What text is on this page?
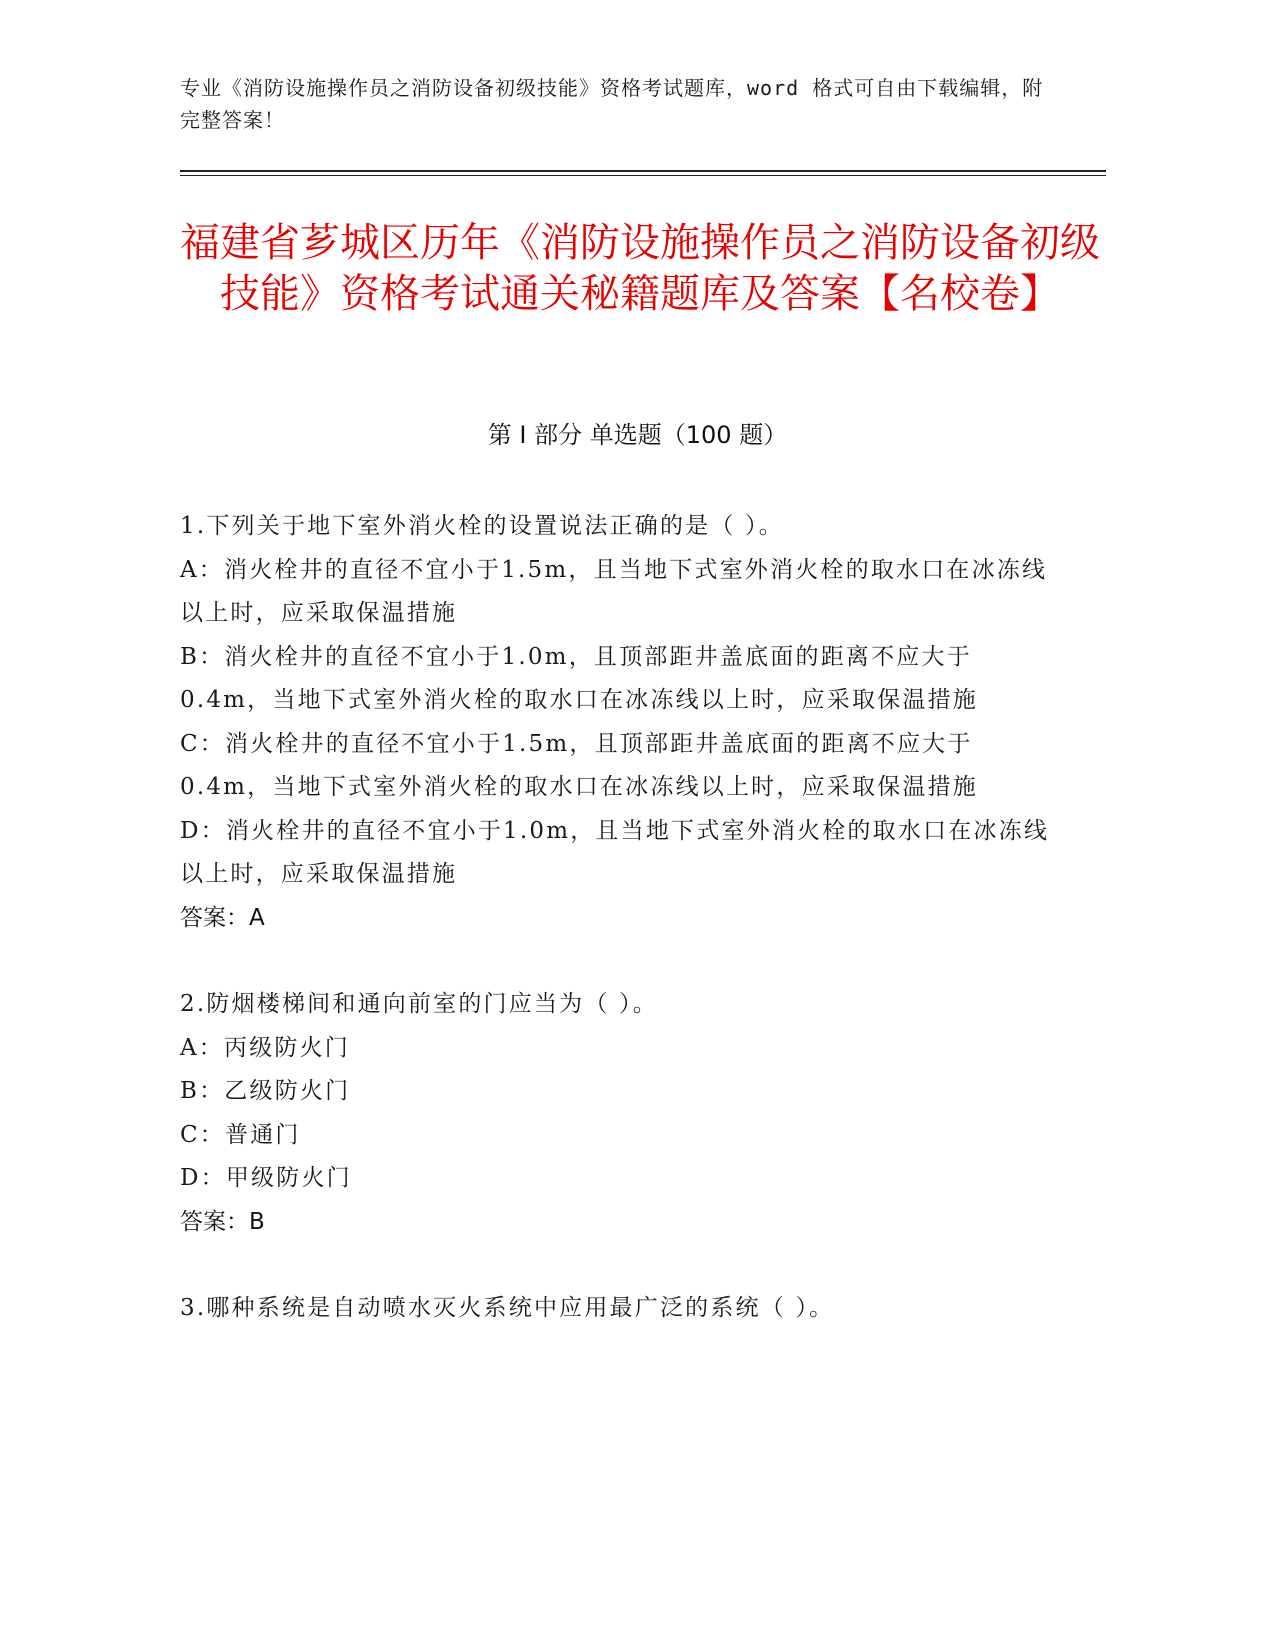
专业《消防设施操作员之消防设备初级技能》资格考试题库，word 格式可自由下载编辑，附完整答案！
福建省芗城区历年《消防设施操作员之消防设备初级技能》资格考试通关秘籍题库及答案【名校卷】
第 I 部分 单选题（100 题）

1.下列关于地下室外消火栓的设置说法正确的是（ ）。

A：消火栓井的直径不宜小于1.5m，且当地下式室外消火栓的取水口在冰冻线以上时，应采取保温措施

B：消火栓井的直径不宜小于1.0m，且顶部距井盖底面的距离不应大于0.4m，当地下式室外消火栓的取水口在冰冻线以上时，应采取保温措施

C：消火栓井的直径不宜小于1.5m，且顶部距井盖底面的距离不应大于0.4m，当地下式室外消火栓的取水口在冰冻线以上时，应采取保温措施

D：消火栓井的直径不宜小于1.0m，且当地下式室外消火栓的取水口在冰冻线以上时，应采取保温措施

答案：A

2.防烟楼梯间和通向前室的门应当为（ ）。

A：丙级防火门

B：乙级防火门

C：普通门

D：甲级防火门

答案：B

3.哪种系统是自动喷水灭火系统中应用最广泛的系统（ ）。
